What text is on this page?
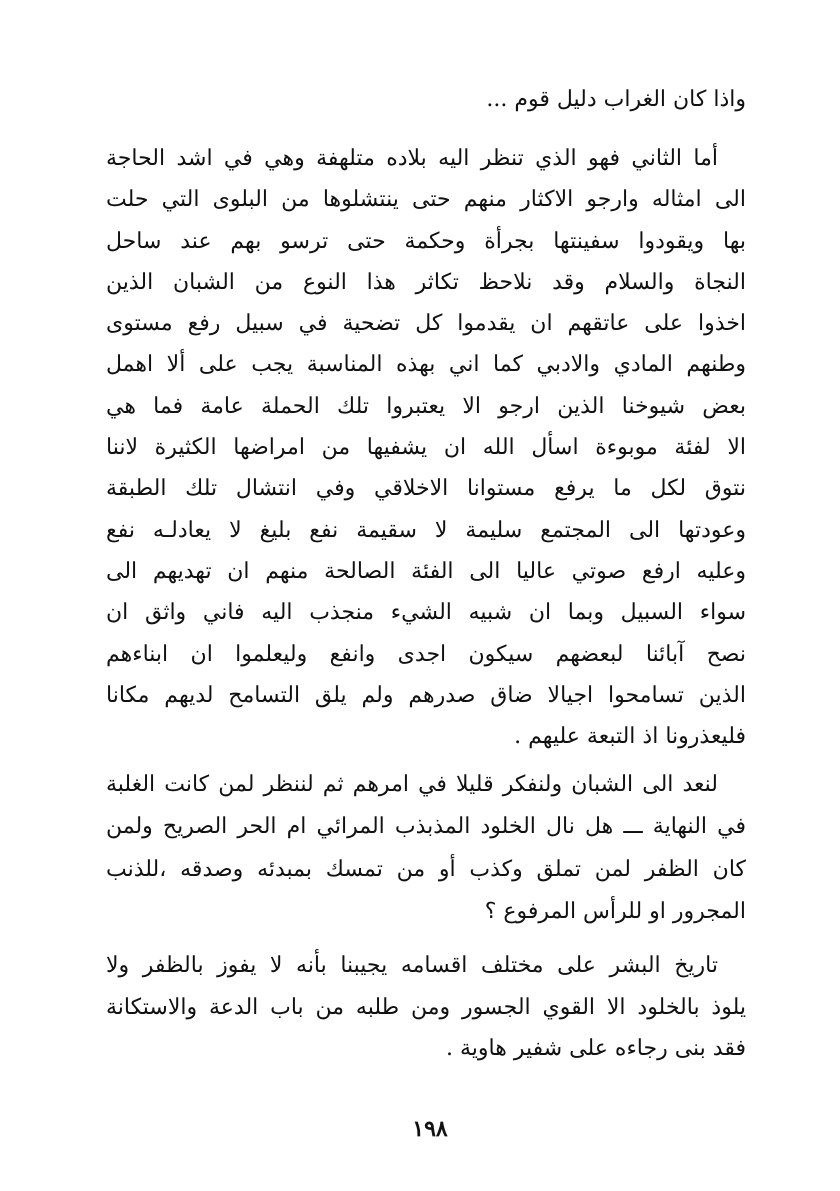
واذا كان الغراب دليل قوم ...
أما الثاني فهو الذي تنظر اليه بلاده متلهفة وهي في اشد الحاجة
الى امثاله وارجو الاكثار منهم حتى ينتشلوها من البلوى التي حلت
بها ويقودوا سفينتها بجرأة وحكمة حتى ترسو بهم عند ساحل
النجاة والسلام وقد نلاحظ تكاثر هذا النوع من الشبان الذين
اخذوا على عاتقهم ان يقدموا كل تضحية في سبيل رفع مستوى
وطنهم المادي والادبي كما اني بهذه المناسبة يجب على ألا اهمل
بعض شيوخنا الذين ارجو الا يعتبروا تلك الحملة عامة فما هي
الا لفئة موبوءة اسأل الله ان يشفيها من امراضها الكثيرة لاننا
نتوق لكل ما يرفع مستوانا الاخلاقي وفي انتشال تلك الطبقة
وعودتها الى المجتمع سليمة لا سقيمة نفع بليغ لا يعادلـه نفع
وعليه ارفع صوتي عاليا الى الفئة الصالحة منهم ان تهديهم الى
سواء السبيل وبما ان شبيه الشيء منجذب اليه فاني واثق ان
نصح آبائنا لبعضهم سيكون اجدى وانفع وليعلموا ان ابناءهم
الذين تسامحوا اجيالا ضاق صدرهم ولم يلق التسامح لديهم مكانا
فليعذرونا اذ التبعة عليهم .
لنعد الى الشبان ولنفكر قليلا في امرهم ثم لننظر لمن كانت الغلبة
في النهاية ـــ هل نال الخلود المذبذب المرائي ام الحر الصريح ولمن
كان الظفر لمن تملق وكذب أو من تمسك بمبدئه وصدقه ،للذنب
المجرور او للرأس المرفوع ؟
تاريخ البشر على مختلف اقسامه يجيبنا بأنه لا يفوز بالظفر ولا
يلوذ بالخلود الا القوي الجسور ومن طلبه من باب الدعة والاستكانة
فقد بنى رجاءه على شفير هاوية .
١٩٨
